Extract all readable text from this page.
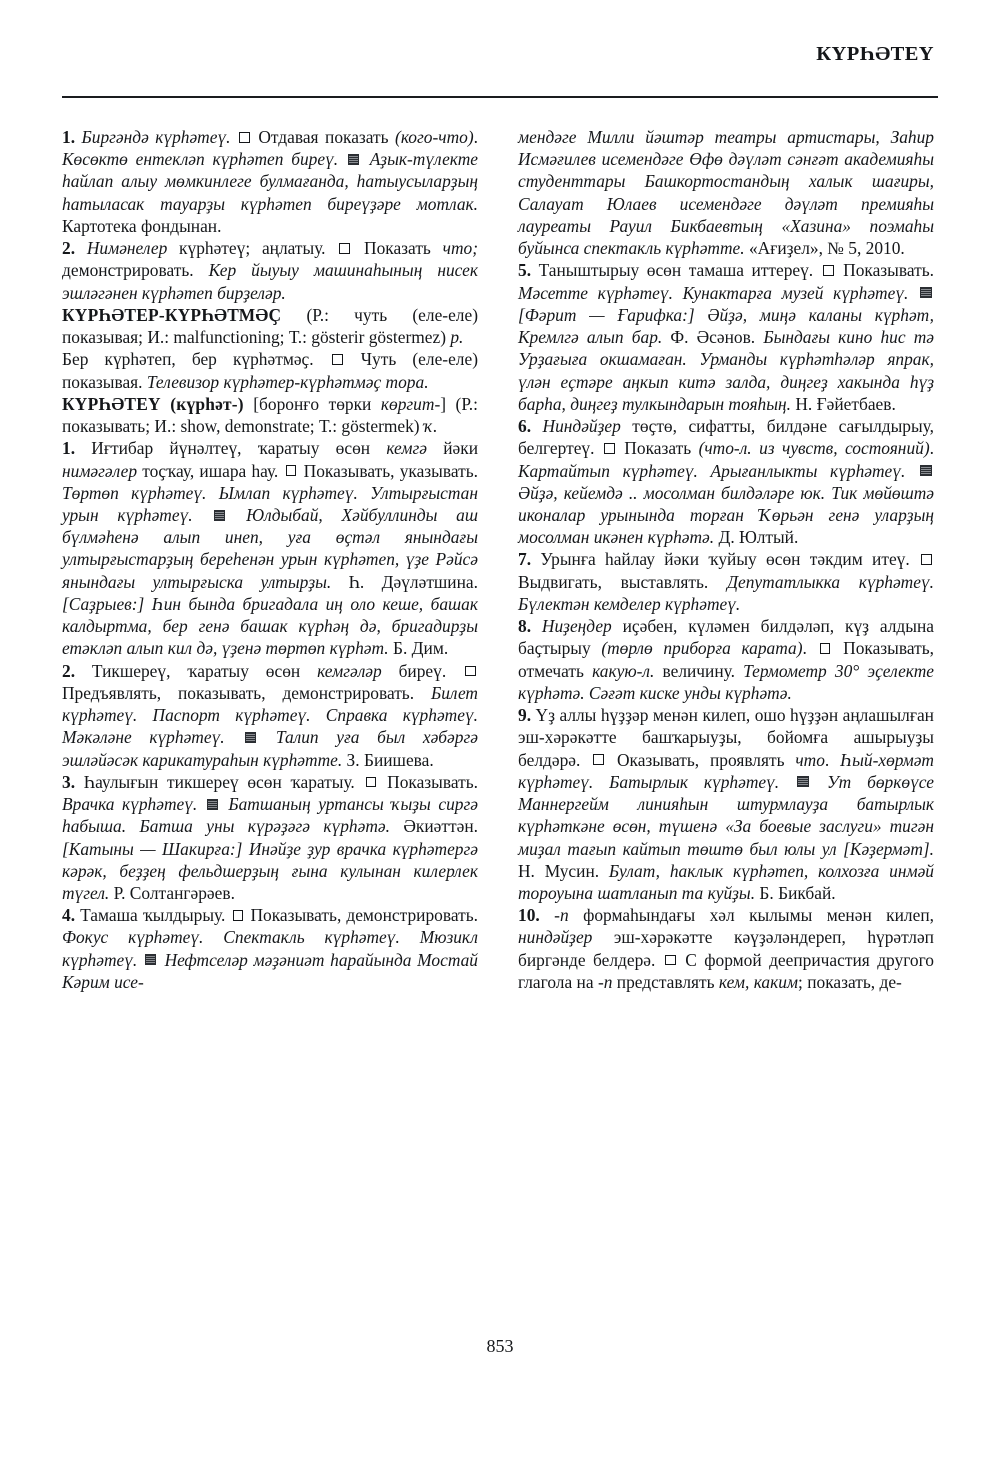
КҮРҺӘТЕҮ

1. Биргәндә күрһәтеү.  Отдавая показать (кого-что). Көсөктө ентекләп күрһәтеп биреү. Аҙык-түлекте һайлап алыу мөмкинлеге булмағанда, һатыусыларҙың һатыласак тауарҙы күрһәтеп биреүҙәре мотлак. Картотека фондынан.

2. Нимәнелер күрһәтеү; аңлатыу.  Показать что; демонстрировать. Кер йыуыу машинаһының нисек эшләгәнен күрһәтеп бирҙеләр.

КҮРҺӘТЕР-КҮРҺӘТМӘҪ (Р.: чуть (еле-еле) показывая; И.: malfunctioning; Т.: gösterir göstermez) р.

Бер күрһәтеп, бер күрһәтмәҫ.  Чуть (еле-еле) показывая. Телевизор күрһәтер-күрһәтмәҫ тора.

КҮРҺӘТЕҮ (күрһәт-) [боронғо төрки көргит-] (Р.: показывать; И.: show, demonstrate; Т.: göstermek) ҡ.

1. Иғтибар йүнәлтеү, ҡаратыу өсөн кемгә йәки нимәгәлер тоҫҡау, ишара һау.  Показывать, указывать. Төртөп күрһәтеү. Ымлап күрһәтеү. Ултырғыстан урын күрһәтеү.	Юлдыбай, Хәйбуллинды аш бүлмәһенә алып инеп, уға өҫтәл янындағы ултырғыстарҙың береһенән урын күрһәтеп, үҙе Рәйсә янындағы ултырғыска ултырҙы. Һ. Дәүләтшина. [Саҙрыев:] Һин бында бригадала иң оло кеше, башак калдыртма, бер генә башак күрһәң дә, бригадирҙы етәкләп алып кил дә, үҙенә төртөп күрһәт. Б. Дим.

2. Тикшереү, ҡаратыу өсөн кемгәләр биреү.  Предъявлять, показывать, демонстрировать. Билет күрһәтеү. Паспорт күрһәтеү. Справка күрһәтеү. Мәкәләне күрһәтеү.	Талип уға был хәбәргә эшләйәсәк карикатураһын күрһәтте. З. Биишева.

3. Һаулығын тикшереү өсөн ҡаратыу.  Показывать. Врачка күрһәтеү. Батшаның уртансы ҡыҙы сиргә һабыша. Батша уны күрәҙәгә күрһәтә. Әкиәттән. [Катыны — Шакирға:] Инәйҙе ҙур врачка күрһәтергә кәрәк, беҙҙең фельдшерҙың ғына кулынан килерлек түгел. Р. Солтангәрәев.

4. Тамаша ҡылдырыу.  Показывать, демонстрировать. Фокус күрһәтеү. Спектакль күрһәтеү. Мюзикл күрһәтеү. Нефтселәр мәҙәниәт һарайында Мостай Кәрим исе-

мендәге Милли йәштәр театры артистары, Заһир Исмәғилев исемендәге Өфө дәүләт сәнғәт академияһы студенттары Башкортостандың халык шағиры, Салауат Юлаев исемендәге дәүләт премияһы лауреаты Рауил Бикбаевтың «Хазина» поэмаһы буйынса спектакль күрһәтте. «Ағиҙел», № 5, 2010.

5. Таныштырыу өсөн тамаша иттереү.  Показывать. Мәсетте күрһәтеү. Кунактарға музей күрһәтеү.  [Фәрит — Ғарифка:] Әйҙә, миңә каланы күрһәт, Кремлгә алып бар. Ф. Әсәнов. Бындағы кино һис тә Урҙағыға окшамаған. Урманды күрһәтһәләр япрак, үлән еҫтәре аңкып китә залда, диңгеҙ хакында һүҙ барһа, диңгеҙ тулкындарын тояһың. Н. Ғәйетбаев.

6. Ниндәйҙер төҫтө, сифатты, билдәне сағылдырыу, белгертеү.  Показать (что-л. из чувств, состояний). Картайтып күрһәтеү. Арығанлыкты күрһәтеү.  Әйҙә, кейемдә .. мосолман билдәләре юк. Тик мөйөштә иконалар урынында торған Ҡөрьән генә уларҙың мосолман икәнен күрһәтә. Д. Юлтый.

7. Урынға һайлау йәки ҡуйыу өсөн тәкдим итеү.  Выдвигать, выставлять. Депутатлыкка күрһәтеү. Бүлектән кемделер күрһәтеү.

8. Ниҙеңдер иҫәбен, күләмен билдәләп, күҙ алдына баҫтырыу (төрлө приборға карата).  Показывать, отмечать какую-л. величину. Термометр 30° эҫелекте күрһәтә. Сәғәт киске унды күрһәтә.

9. Үҙ аллы һүҙҙәр менән килеп, ошо һүҙҙән аңлашылған эш-хәрәкәтте башҡарыуҙы, бойомға ашырыуҙы белдәрә.  Оказывать, проявлять что. Һый-хөрмәт күрһәтеү. Батырлык күрһәтеү.	Ут бөркөүсе Маннергейм линияһын штурмлауҙа батырлык күрһәткәне өсөн, түшенә «За боевые заслуги» тигән миҙал тағып кайтып төштө был юлы ул [Кәҙермәт]. Н. Мусин. Булат, һаклык күрһәтеп, колхозға инмәй тороуына шатланып та куйҙы. Б. Бикбай.

10. -п формаһындағы хәл кылымы менән килеп, ниндәйҙер эш-хәрәкәтте кәүҙәләндереп, һүрәтләп биргәнде белдерә.  С формой деепричастия другого глагола на -п представлять кем, каким; показать, де-

853
